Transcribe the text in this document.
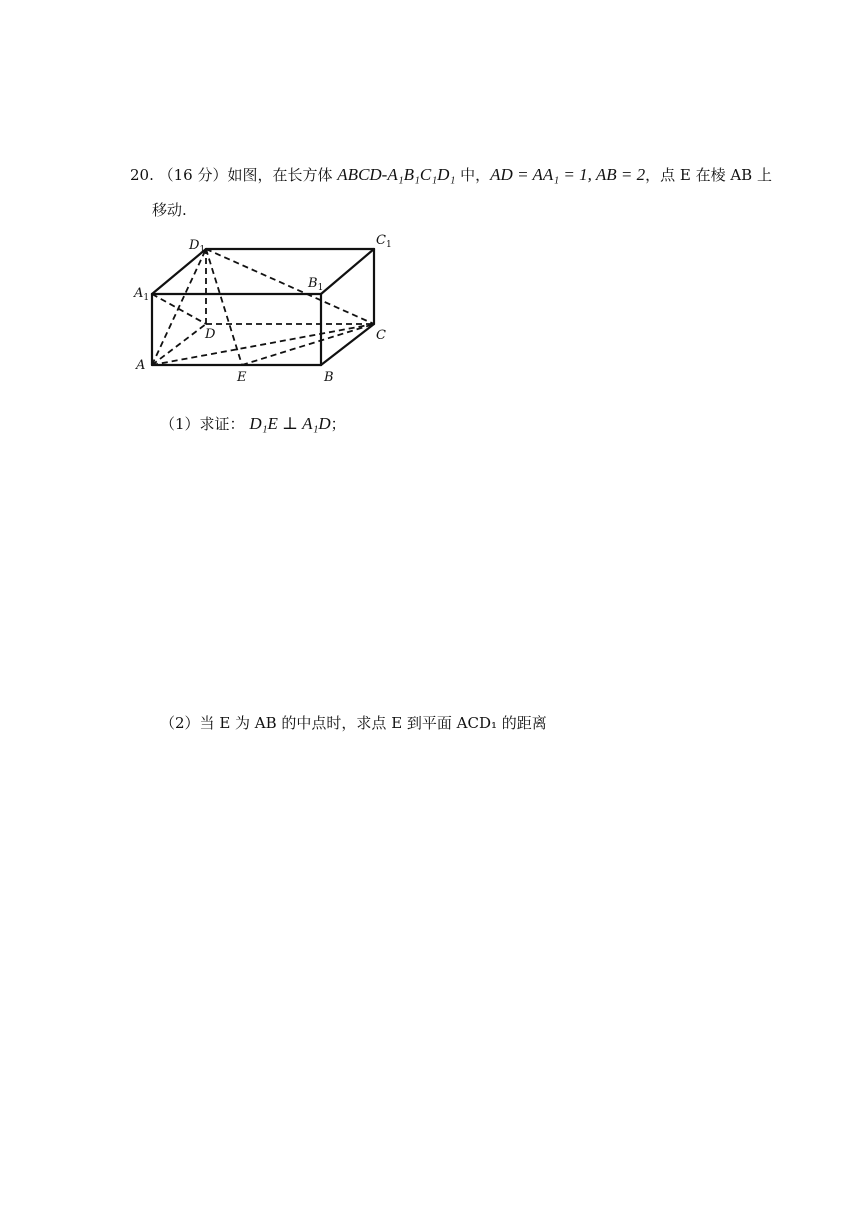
20. （16 分）如图，在长方体 ABCD-A₁B₁C₁D₁ 中，AD = AA₁ = 1, AB = 2，点 E 在棱 AB 上
移动.
$D_1$
$C_1$
$A_1$
$B_1$
D	C
A
E	B
（1）求证： D₁E ⊥ A₁D；
（2）当 E 为 AB 的中点时，求点 E 到平面 ACD₁ 的距离
